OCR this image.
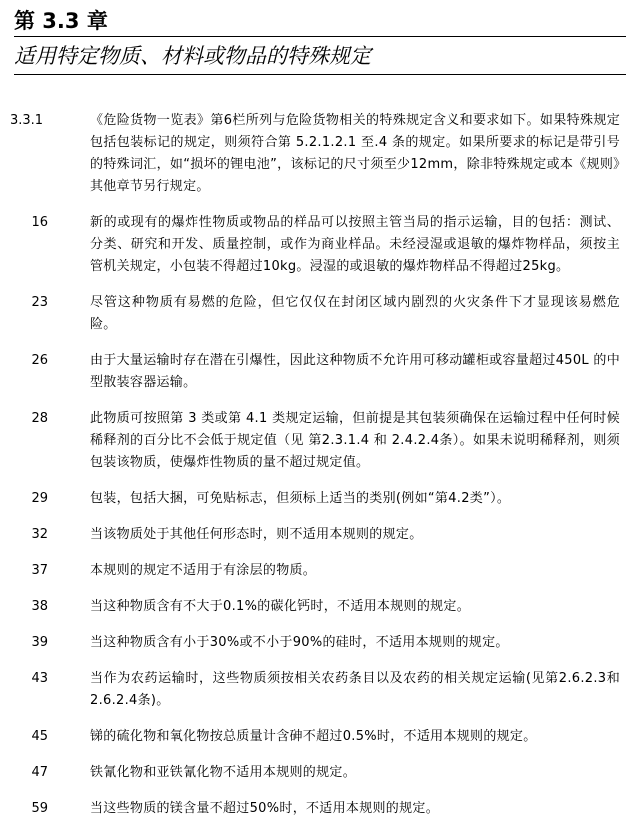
第 3.3 章
适用特定物质、材料或物品的特殊规定
3.3.1	《危险货物一览表》第6栏所列与危险货物相关的特殊规定含义和要求如下。如果特殊规定包括包装标记的规定，则须符合第 5.2.1.2.1 至.4 条的规定。如果所要求的标记是带引号的特殊词汇，如“损坏的锂电池”，该标记的尺寸须至少12mm，除非特殊规定或本《规则》其他章节另行规定。
16	新的或现有的爆炸性物质或物品的样品可以按照主管当局的指示运输，目的包括：测试、分类、研究和开发、质量控制，或作为商业样品。未经浸湿或退敏的爆炸物样品，须按主管机关规定，小包装不得超过10kg。浸湿的或退敏的爆炸物样品不得超过25kg。
23	尽管这种物质有易燃的危险，但它仅仅在封闭区域内剧烈的火灾条件下才显现该易燃危险。
26	由于大量运输时存在潜在引爆性，因此这种物质不允许用可移动罐柜或容量超过450L 的中型散装容器运输。
28	此物质可按照第 3 类或第 4.1 类规定运输，但前提是其包装须确保在运输过程中任何时候稀释剂的百分比不会低于规定值（见 第2.3.1.4 和 2.4.2.4条）。如果未说明稀释剂，则须包装该物质，使爆炸性物质的量不超过规定值。
29	包装，包括大捆，可免贴标志，但须标上适当的类别(例如“第4.2类”）。
32	当该物质处于其他任何形态时，则不适用本规则的规定。
37	本规则的规定不适用于有涂层的物质。
38	当这种物质含有不大于0.1%的碳化钙时，不适用本规则的规定。
39	当这种物质含有小于30%或不小于90%的硅时，不适用本规则的规定。
43	当作为农药运输时，这些物质须按相关农药条目以及农药的相关规定运输(见第2.6.2.3和2.6.2.4条)。
45	锑的硫化物和氧化物按总质量计含砷不超过0.5%时，不适用本规则的规定。
47	铁氰化物和亚铁氰化物不适用本规则的规定。
59	当这些物质的镁含量不超过50%时，不适用本规则的规定。
